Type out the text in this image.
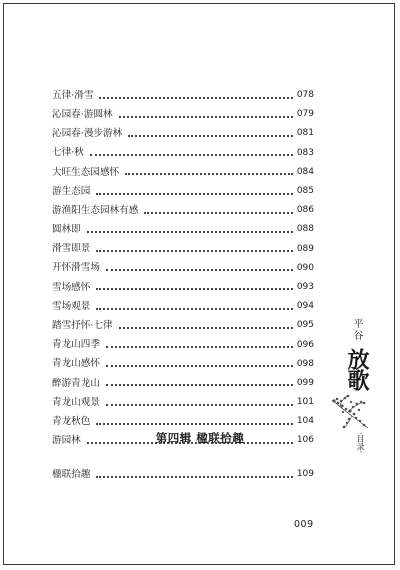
五律·滑雪	078
沁园春·游圆林	079
沁园春·漫步游林	081
七律·秋	083
大旺生态园感怀	084
游生态园	085
游渔阳生态园林有感	086
圆林即	088
滑雪即景	089
开怀滑雪场	090
雪场感怀	093
雪场观景	094
踏雪抒怀·七律	095
青龙山四季	096
青龙山感怀	098
醉游青龙山	099
青龙山观景	101
青龙秋色	104
游园林	106
第四辑 楹联拾趣
楹联拾趣	109
平谷
放歌
·目录·
009
